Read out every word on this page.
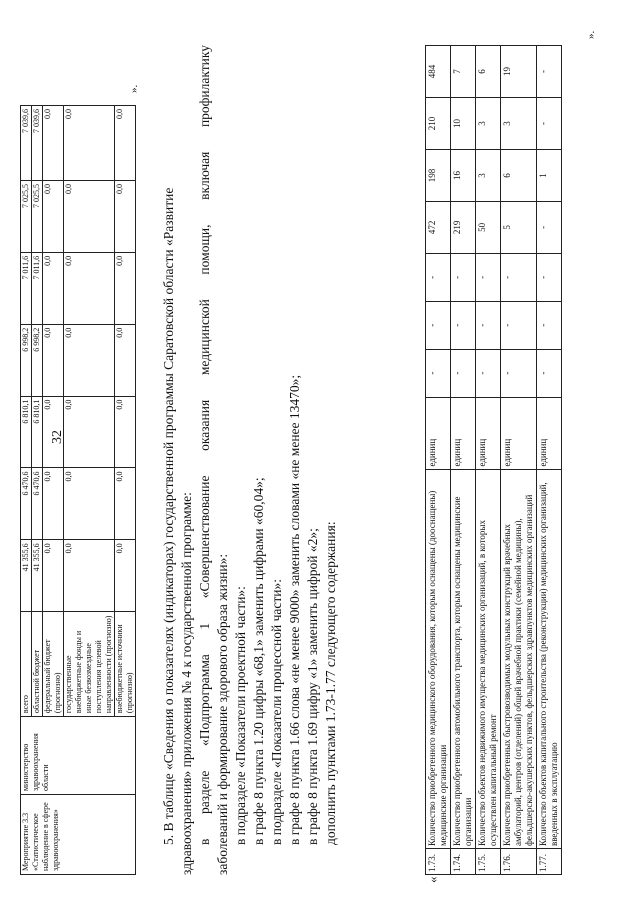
32
Мероприятие 3.3 «Статистическое наблюдение в сфере здравоохранения»	министерство здравоохранения области	всего	41 355,6	6 470,6	6 810,1	6 998,2	7 011,6	7 025,5	7 039,6
		областной бюджет	41 355,6	6 470,6	6 810,1	6 998,2	7 011,6	7 025,5	7 039,6
		федеральный бюджет (прогнозно)	0,0	0,0	0,0	0,0	0,0	0,0	0,0
		государственные внебюджетные фонды и иные безвозмездные поступления целевой направленности (прогнозно)	0,0	0,0	0,0	0,0	0,0	0,0	0,0
		внебюджетные источники (прогнозно)	0,0	0,0	0,0	0,0	0,0	0,0	0,0
».

5. В таблице «Сведения о показателях (индикаторах) государственной программы Саратовской области «Развитие здравоохранения» приложения № 4 к государственной программе: в разделе «Подпрограмма 1 «Совершенствование оказания медицинской помощи, включая профилактику заболеваний и формирование здорового образа жизни»: в подразделе «Показатели проектной части»: в графе 8 пункта 1.20 цифры «68,1» заменить цифрами «60,04»; в подразделе «Показатели процессной части»: в графе 8 пункта 1.66 слова «не менее 9000» заменить словами «не менее 13470»; в графе 8 пункта 1.69 цифру «1» заменить цифрой «2»; дополнить пунктами 1.73-1.77 следующего содержания:

«
1.73.	Количество приобретенного медицинского оборудования, которым оснащены (дооснащены) медицинские организации	единиц	-	-	-	472	198	210	484
1.74.	Количество приобретенного автомобильного транспорта, которым оснащены медицинские организации	единиц	-	-	-	219	16	10	7
1.75.	Количество объектов недвижимого имущества медицинских организаций, в которых осуществлен капитальный ремонт	единиц	-	-	-	50	3	3	6
1.76.	Количество приобретенных быстровозводимых модульных конструкций врачебных амбулаторий, центров (отделений) общей врачебной практики (семейной медицины), фельдшерско-акушерских пунктов, фельдшерских здравпунктов медицинских организаций	единиц	-	-	-	5	6	3	19
1.77.	Количество объектов капитального строительства (реконструкции) медицинских организаций, введенных в эксплуатацию	единиц	-	-	-	-	1	-	-
».
